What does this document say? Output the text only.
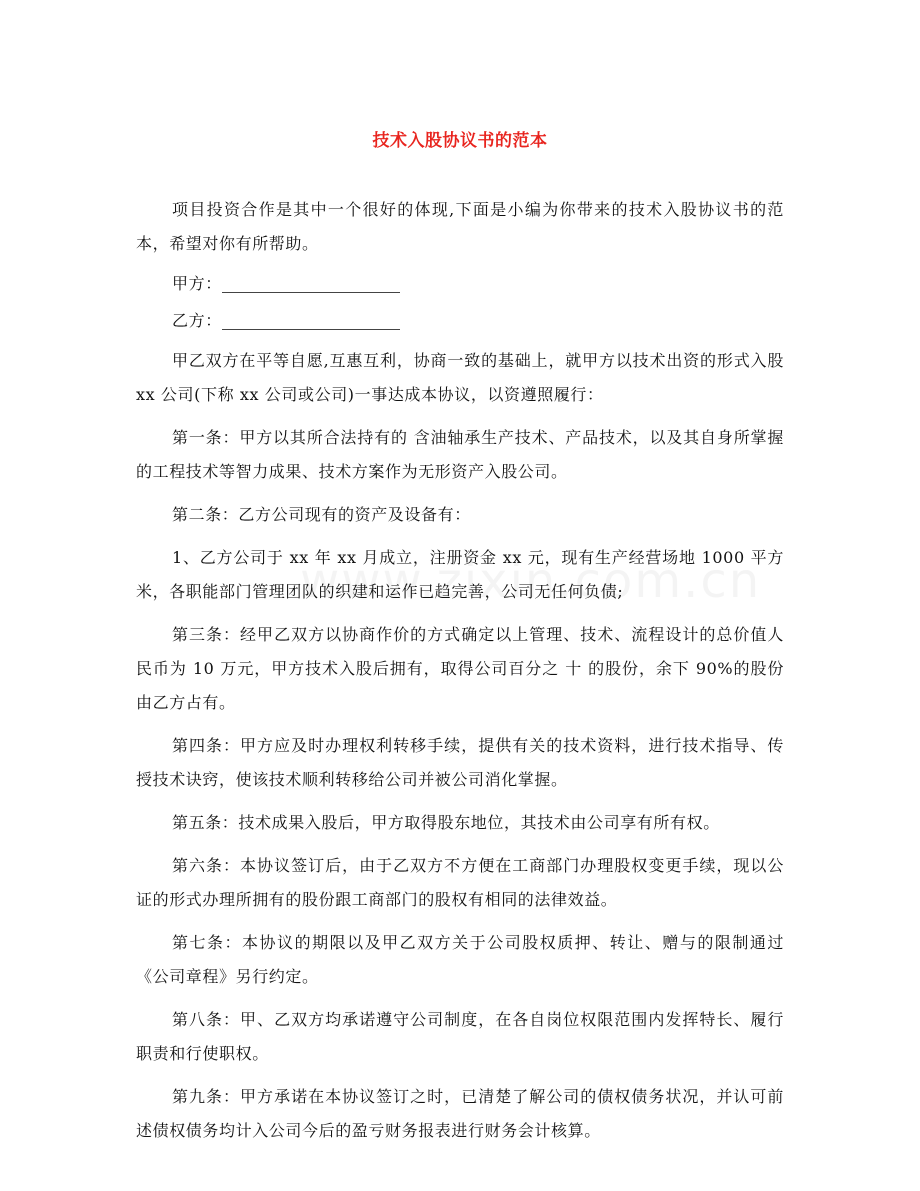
技术入股协议书的范本

项目投资合作是其中一个很好的体现,下面是小编为你带来的技术入股协议书的范本，希望对你有所帮助。

甲方：

乙方：

甲乙双方在平等自愿,互惠互利，协商一致的基础上，就甲方以技术出资的形式入股 xx 公司(下称 xx 公司或公司)一事达成本协议，以资遵照履行：

第一条：甲方以其所合法持有的 含油轴承生产技术、产品技术，以及其自身所掌握的工程技术等智力成果、技术方案作为无形资产入股公司。

第二条：乙方公司现有的资产及设备有：

1、乙方公司于 xx 年 xx 月成立，注册资金 xx 元，现有生产经营场地 1000 平方米，各职能部门管理团队的织建和运作已趋完善，公司无任何负债;

第三条：经甲乙双方以协商作价的方式确定以上管理、技术、流程设计的总价值人民币为 10 万元，甲方技术入股后拥有，取得公司百分之 十 的股份，余下 90%的股份由乙方占有。

第四条：甲方应及时办理权利转移手续，提供有关的技术资料，进行技术指导、传授技术诀窍，使该技术顺利转移给公司并被公司消化掌握。

第五条：技术成果入股后，甲方取得股东地位，其技术由公司享有所有权。

第六条：本协议签订后，由于乙双方不方便在工商部门办理股权变更手续，现以公证的形式办理所拥有的股份跟工商部门的股权有相同的法律效益。

第七条：本协议的期限以及甲乙双方关于公司股权质押、转让、赠与的限制通过《公司章程》另行约定。

第八条：甲、乙双方均承诺遵守公司制度，在各自岗位权限范围内发挥特长、履行职责和行使职权。

第九条：甲方承诺在本协议签订之时，已清楚了解公司的债权债务状况，并认可前述债权债务均计入公司今后的盈亏财务报表进行财务会计核算。
